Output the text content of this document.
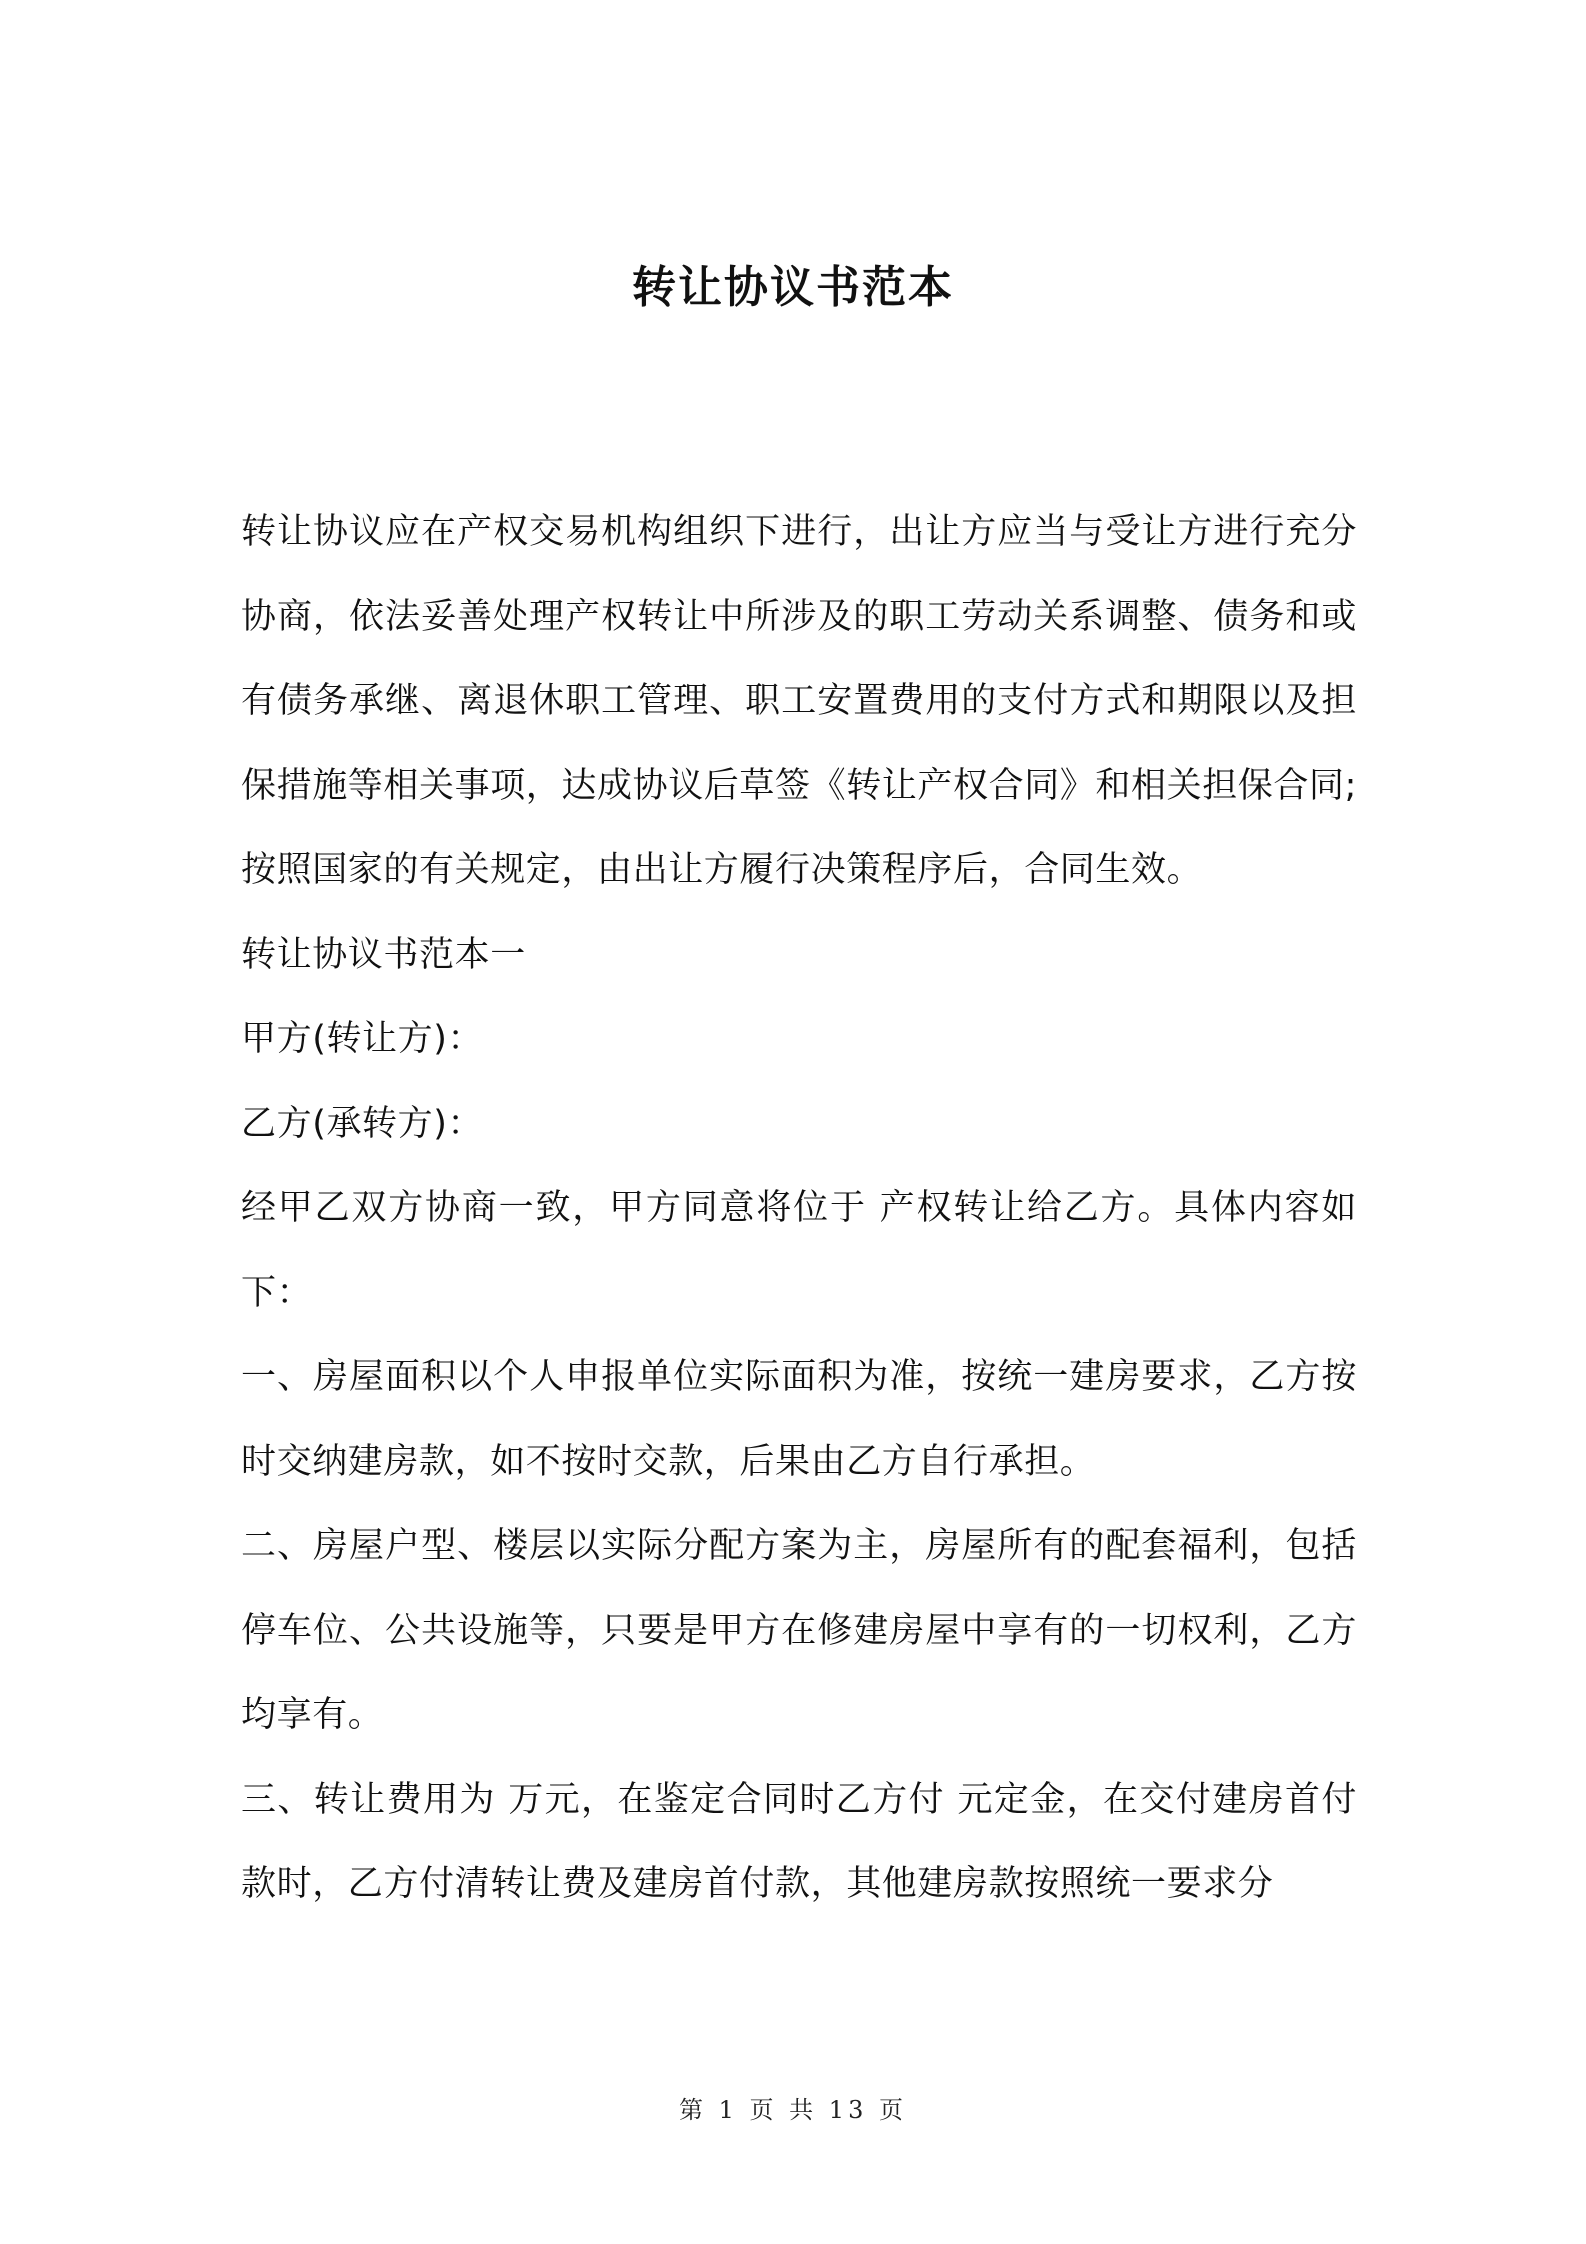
转让协议书范本

转让协议应在产权交易机构组织下进行，出让方应当与受让方进行充分协商，依法妥善处理产权转让中所涉及的职工劳动关系调整、债务和或有债务承继、离退休职工管理、职工安置费用的支付方式和期限以及担保措施等相关事项，达成协议后草签《转让产权合同》和相关担保合同;按照国家的有关规定，由出让方履行决策程序后，合同生效。

转让协议书范本一

甲方(转让方)：

乙方(承转方)：

经甲乙双方协商一致，甲方同意将位于 产权转让给乙方。具体内容如下：

一、房屋面积以个人申报单位实际面积为准，按统一建房要求，乙方按时交纳建房款，如不按时交款，后果由乙方自行承担。

二、房屋户型、楼层以实际分配方案为主，房屋所有的配套福利，包括停车位、公共设施等，只要是甲方在修建房屋中享有的一切权利，乙方均享有。

三、转让费用为 万元，在鉴定合同时乙方付 元定金，在交付建房首付款时，乙方付清转让费及建房首付款，其他建房款按照统一要求分

第 1 页 共 13 页
